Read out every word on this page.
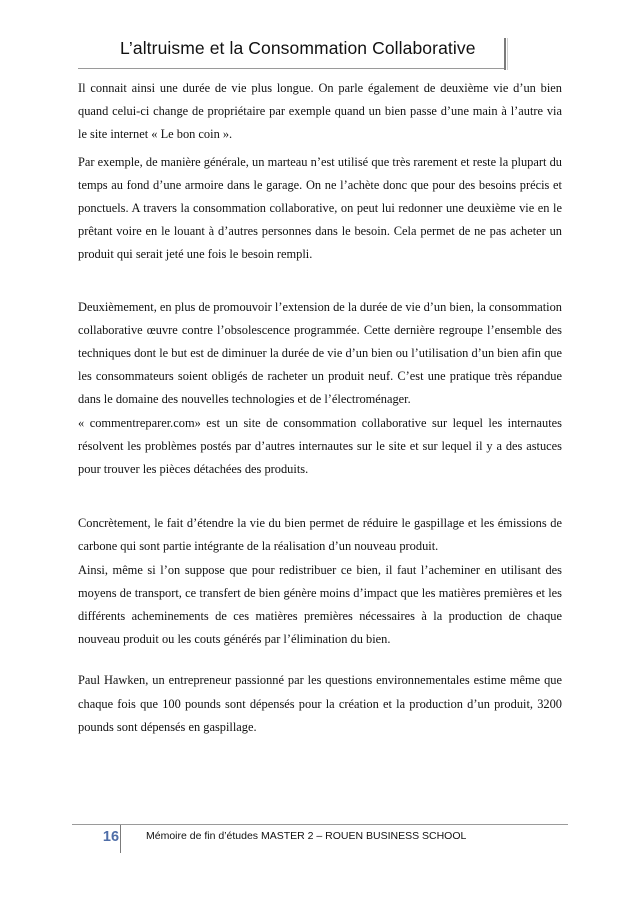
L’altruisme et la Consommation Collaborative

Il connait ainsi une durée de vie plus longue. On parle également de deuxième vie d’un bien quand celui-ci change de propriétaire par exemple quand un bien passe d’une main à l’autre via le site internet « Le bon coin ».

Par exemple, de manière générale, un marteau n’est utilisé que très rarement et reste la plupart du temps au fond d’une armoire dans le garage. On ne l’achète donc que pour des besoins précis et ponctuels. A travers la consommation collaborative, on peut lui redonner une deuxième vie en le prêtant voire en le louant à d’autres personnes dans le besoin. Cela permet de ne pas acheter un produit qui serait jeté une fois le besoin rempli.

Deuxièmement, en plus de promouvoir l’extension de la durée de vie d’un bien, la consommation collaborative œuvre contre l’obsolescence programmée. Cette dernière regroupe l’ensemble des techniques dont le but est de diminuer la durée de vie d’un bien ou l’utilisation d’un bien afin que les consommateurs soient obligés de racheter un produit neuf. C’est une pratique très répandue dans le domaine des nouvelles technologies et de l’électroménager.

« commentreparer.com» est un site de consommation collaborative sur lequel les internautes résolvent les problèmes postés par d’autres internautes sur le site et sur lequel il y a des astuces pour trouver les pièces détachées des produits.

Concrètement, le fait d’étendre la vie du bien permet de réduire le gaspillage et les émissions de carbone qui sont partie intégrante de la réalisation d’un nouveau produit.

Ainsi, même si l’on suppose que pour redistribuer ce bien, il faut l’acheminer en utilisant des moyens de transport, ce transfert de bien génère moins d’impact que les matières premières et les différents acheminements de ces matières premières nécessaires à la production de chaque nouveau produit ou les couts générés par l’élimination du bien.

Paul Hawken, un entrepreneur passionné par les questions environnementales estime même que chaque fois que 100 pounds sont dépensés pour la création et la production d’un produit, 3200 pounds sont dépensés en gaspillage.

16	Mémoire de fin d’études MASTER 2 – ROUEN BUSINESS SCHOOL
